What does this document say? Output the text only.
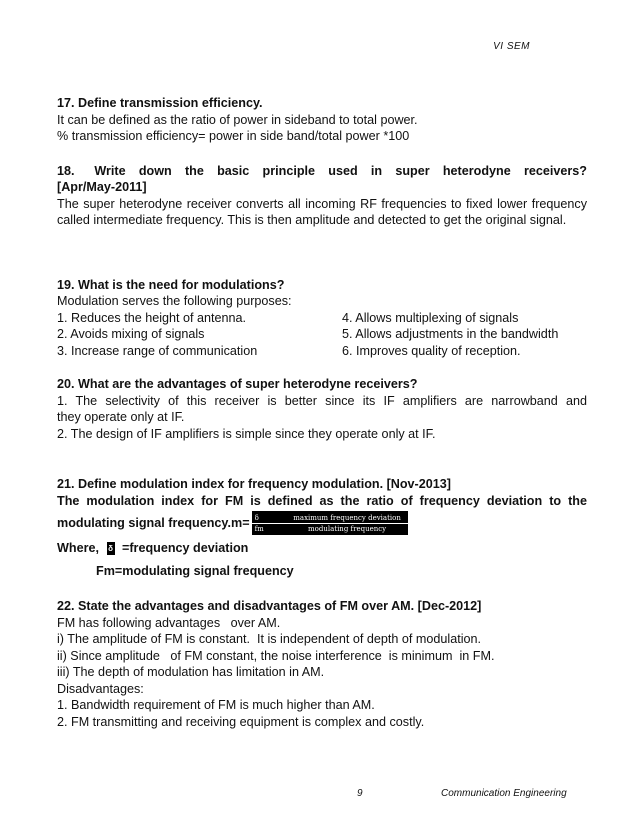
VI SEM

17. Define transmission efficiency.

It can be defined as the ratio of power in sideband to total power.

% transmission efficiency= power in side band/total power *100

18.   Write  down  the  basic  principle  used  in  super  heterodyne  receivers?

[Apr/May-2011]

The super heterodyne receiver converts all incoming RF frequencies to fixed lower frequency called intermediate frequency. This is then amplitude and detected to get the original signal.

19. What is the need for modulations?

Modulation serves the following purposes:

1. Reduces the height of antenna.	4. Allows multiplexing of signals
2. Avoids mixing of signals	5. Allows adjustments in the bandwidth
3. Increase range of communication	6. Improves quality of reception.

20. What are the advantages of super heterodyne receivers?

1.  The  selectivity  of  this  receiver  is  better  since  its  IF  amplifiers  are  narrowband  and  they operate only at IF.

2. The design of IF amplifiers is simple since they operate only at IF.

21. Define modulation index for frequency modulation. [Nov-2013]

The  modulation  index  for  FM  is  defined  as  the  ratio  of  frequency  deviation  to  the

modulating signal frequency.m= δ	maximum frequency deviation
fm	modulating frequency
Where, δ =frequency deviation
Fm=modulating signal frequency

22. State the advantages and disadvantages of FM over AM. [Dec-2012]

FM has following advantages   over AM.

i) The amplitude of FM is constant.  It is independent of depth of modulation.

ii) Since amplitude   of FM constant, the noise interference  is minimum  in FM.

iii) The depth of modulation has limitation in AM.

Disadvantages:

1. Bandwidth requirement of FM is much higher than AM.

2. FM transmitting and receiving equipment is complex and costly.

9	Communication Engineering
